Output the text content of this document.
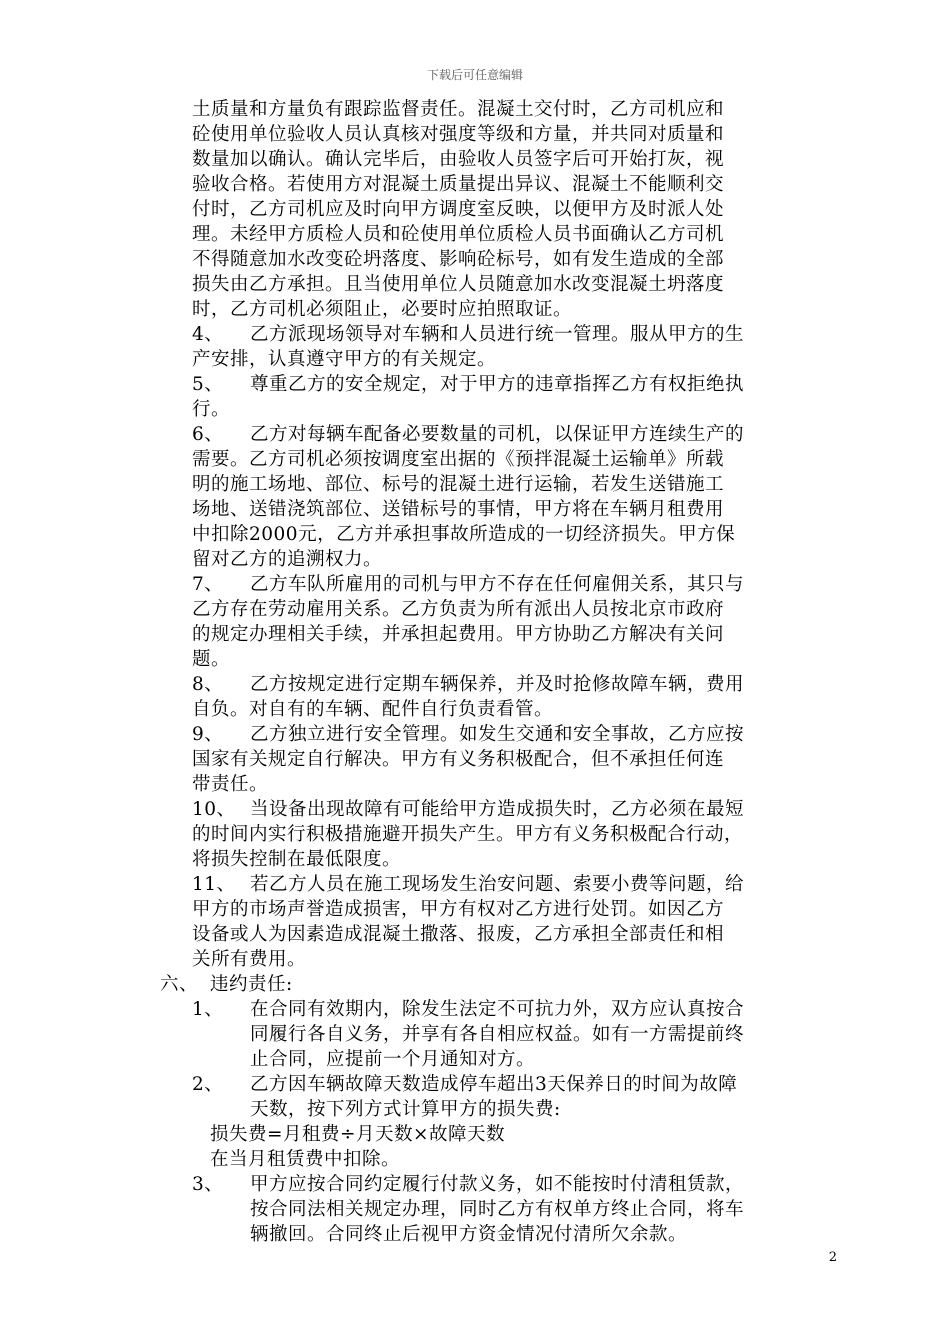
下载后可任意编辑

土质量和方量负有跟踪监督责任。混凝土交付时，乙方司机应和

砼使用单位验收人员认真核对强度等级和方量，并共同对质量和

数量加以确认。确认完毕后，由验收人员签字后可开始打灰，视

验收合格。若使用方对混凝土质量提出异议、混凝土不能顺利交

付时，乙方司机应及时向甲方调度室反映，以便甲方及时派人处

理。未经甲方质检人员和砼使用单位质检人员书面确认乙方司机

不得随意加水改变砼坍落度、影响砼标号，如有发生造成的全部

损失由乙方承担。且当使用单位人员随意加水改变混凝土坍落度

时，乙方司机必须阻止，必要时应拍照取证。

4、	乙方派现场领导对车辆和人员进行统一管理。服从甲方的生

产安排，认真遵守甲方的有关规定。

5、	尊重乙方的安全规定，对于甲方的违章指挥乙方有权拒绝执

行。

6、	乙方对每辆车配备必要数量的司机，以保证甲方连续生产的

需要。乙方司机必须按调度室出据的《预拌混凝土运输单》所载

明的施工场地、部位、标号的混凝土进行运输，若发生送错施工

场地、送错浇筑部位、送错标号的事情，甲方将在车辆月租费用

中扣除2000元，乙方并承担事故所造成的一切经济损失。甲方保

留对乙方的追溯权力。

7、	乙方车队所雇用的司机与甲方不存在任何雇佣关系，其只与

乙方存在劳动雇用关系。乙方负责为所有派出人员按北京市政府

的规定办理相关手续，并承担起费用。甲方协助乙方解决有关问

题。

8、	乙方按规定进行定期车辆保养，并及时抢修故障车辆，费用

自负。对自有的车辆、配件自行负责看管。

9、	乙方独立进行安全管理。如发生交通和安全事故，乙方应按

国家有关规定自行解决。甲方有义务积极配合，但不承担任何连

带责任。

10、 当设备出现故障有可能给甲方造成损失时，乙方必须在最短

的时间内实行积极措施避开损失产生。甲方有义务积极配合行动，

将损失控制在最低限度。

11、 若乙方人员在施工现场发生治安问题、索要小费等问题，给

甲方的市场声誉造成损害，甲方有权对乙方进行处罚。如因乙方

设备或人为因素造成混凝土撒落、报废，乙方承担全部责任和相

关所有费用。

六、 违约责任:
1、	在合同有效期内，除发生法定不可抗力外，双方应认真按合

同履行各自义务，并享有各自相应权益。如有一方需提前终

止合同，应提前一个月通知对方。

2、	乙方因车辆故障天数造成停车超出3天保养日的时间为故障

天数，按下列方式计算甲方的损失费:

损失费=月租费÷月天数×故障天数

在当月租赁费中扣除。

3、	甲方应按合同约定履行付款义务，如不能按时付清租赁款，

按合同法相关规定办理，同时乙方有权单方终止合同，将车

辆撤回。合同终止后视甲方资金情况付清所欠余款。

2
